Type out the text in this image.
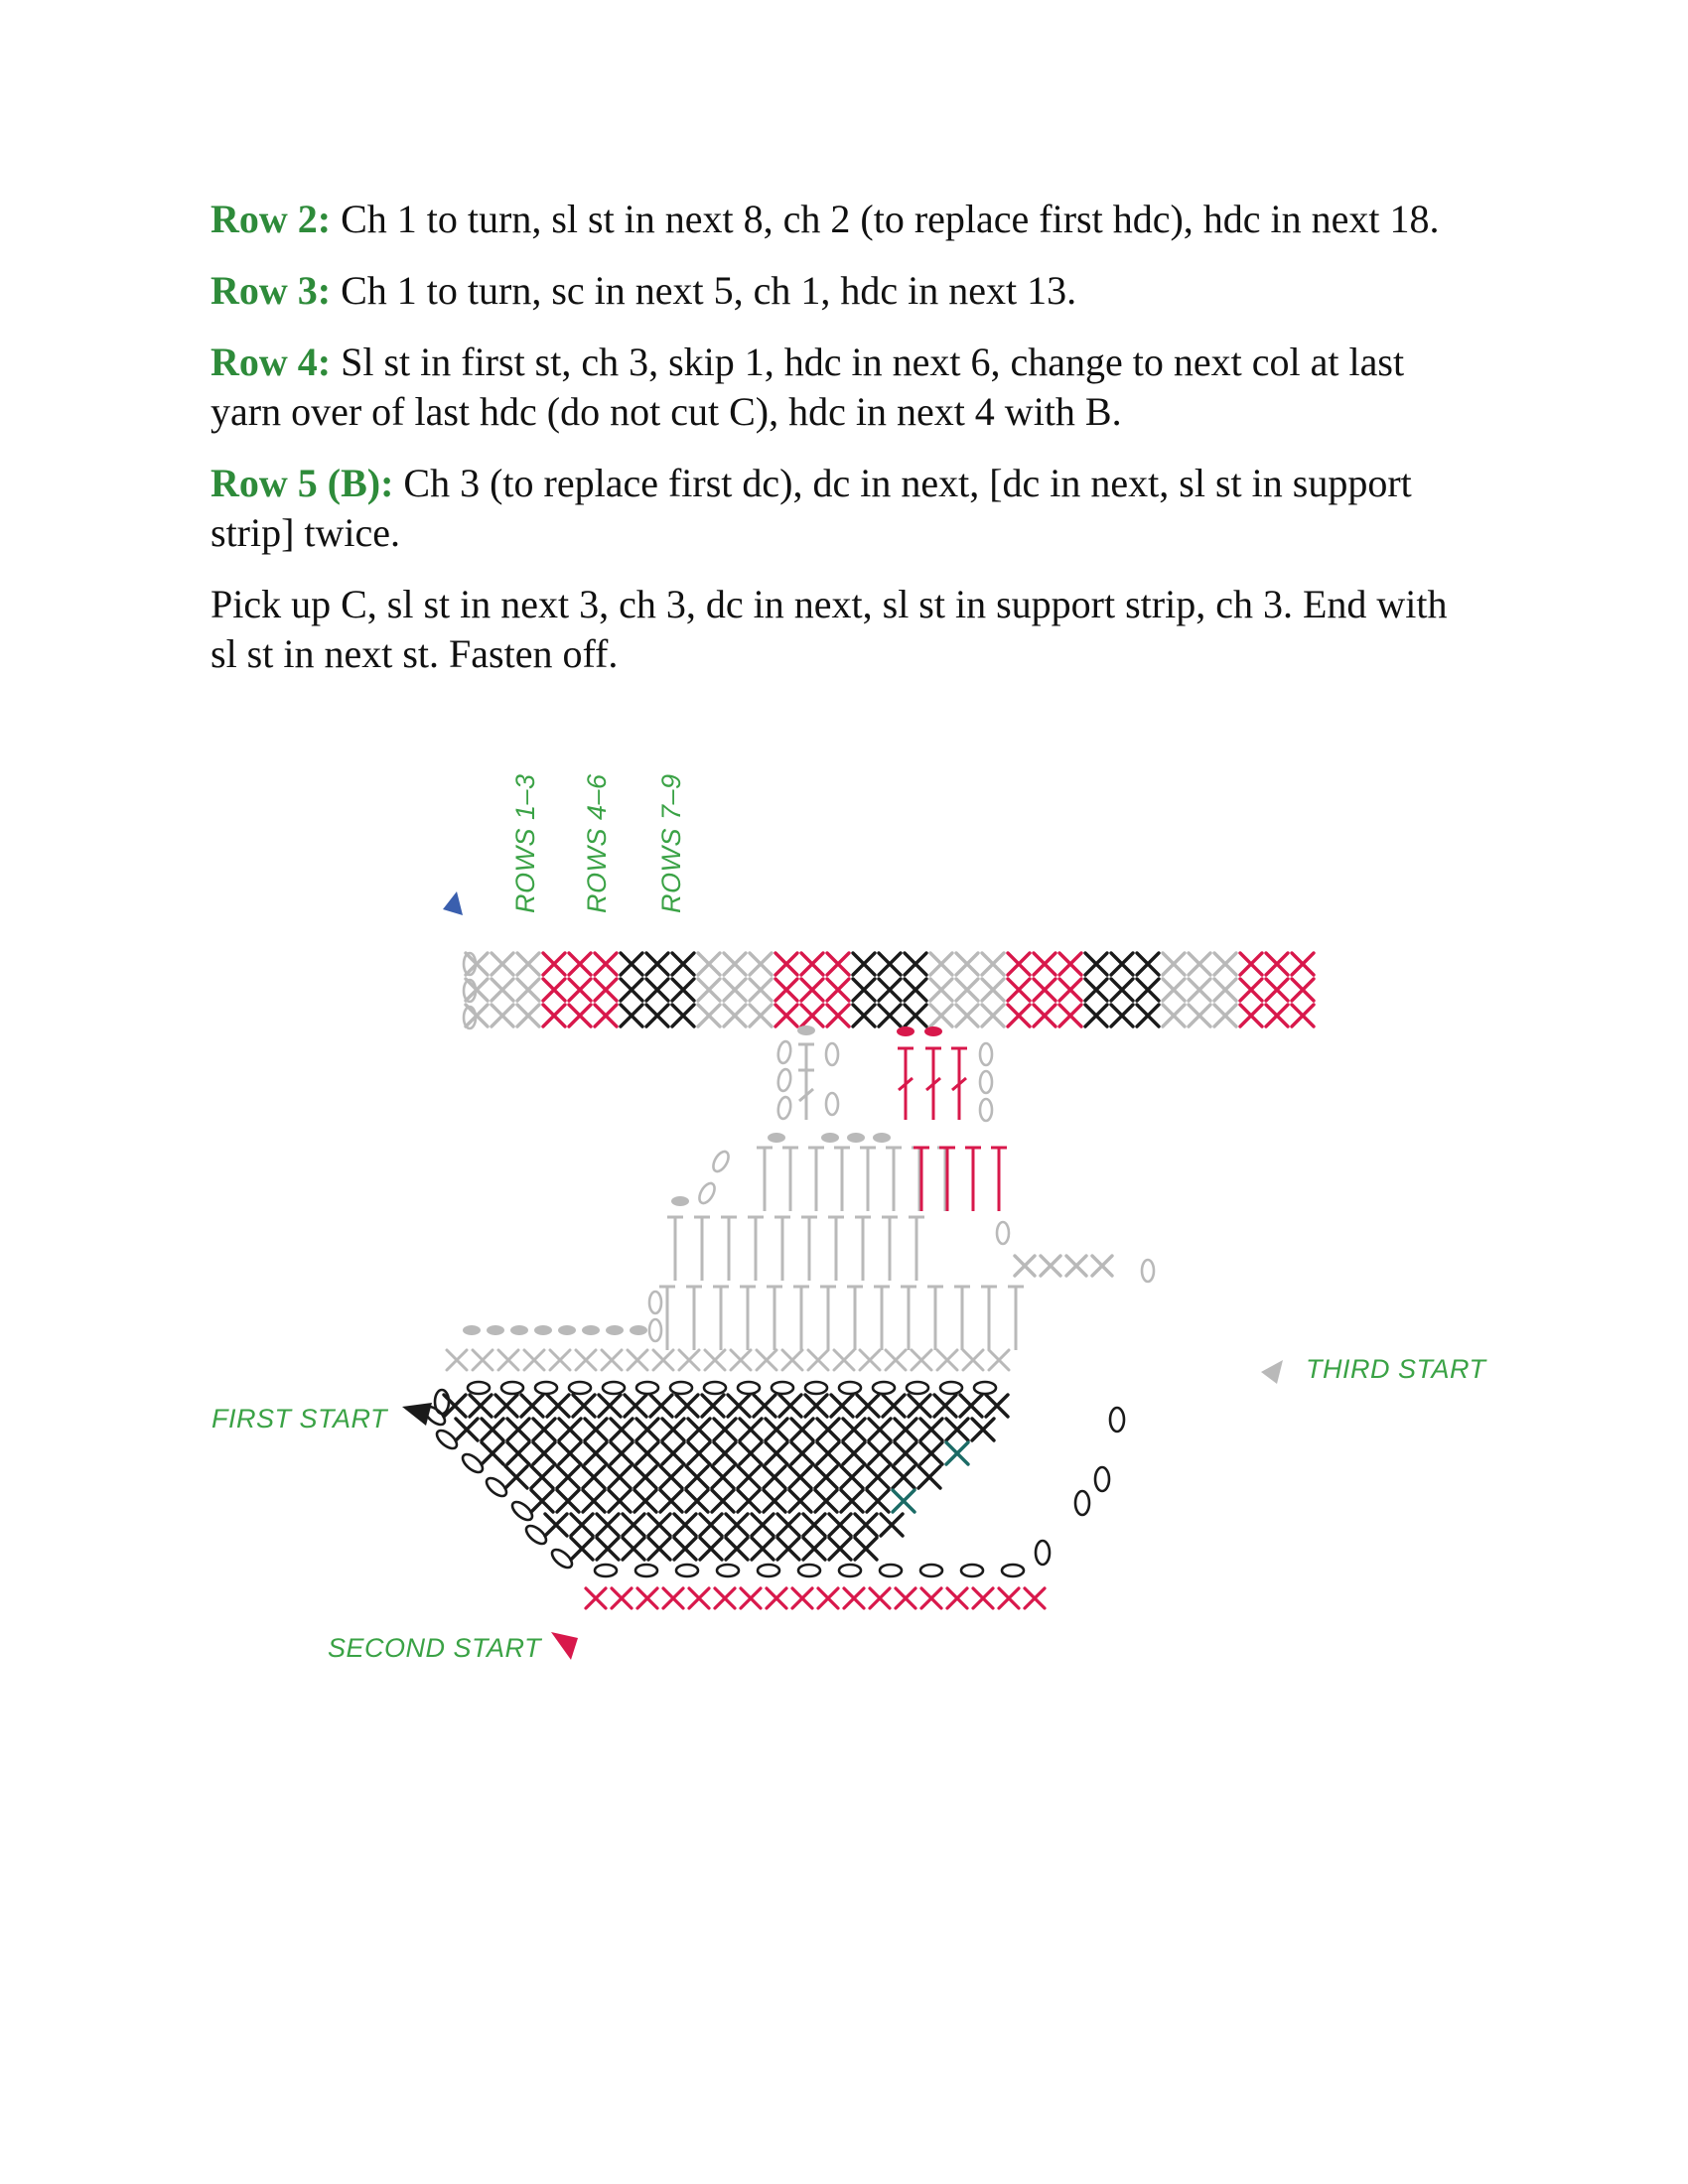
Row 2: Ch 1 to turn, sl st in next 8, ch 2 (to replace first hdc), hdc in next 18.

Row 3: Ch 1 to turn, sc in next 5, ch 1, hdc in next 13.

Row 4: Sl st in first st, ch 3, skip 1, hdc in next 6, change to next col at last yarn over of last hdc (do not cut C), hdc in next 4 with B.

Row 5 (B): Ch 3 (to replace first dc), dc in next, [dc in next, sl st in support strip] twice.

Pick up C, sl st in next 3, ch 3, dc in next, sl st in support strip, ch 3. End with sl st in next st. Fasten off.

ROWS 1–3 ROWS 4–6 ROWS 7–9
FIRST START
THIRD START
SECOND START
